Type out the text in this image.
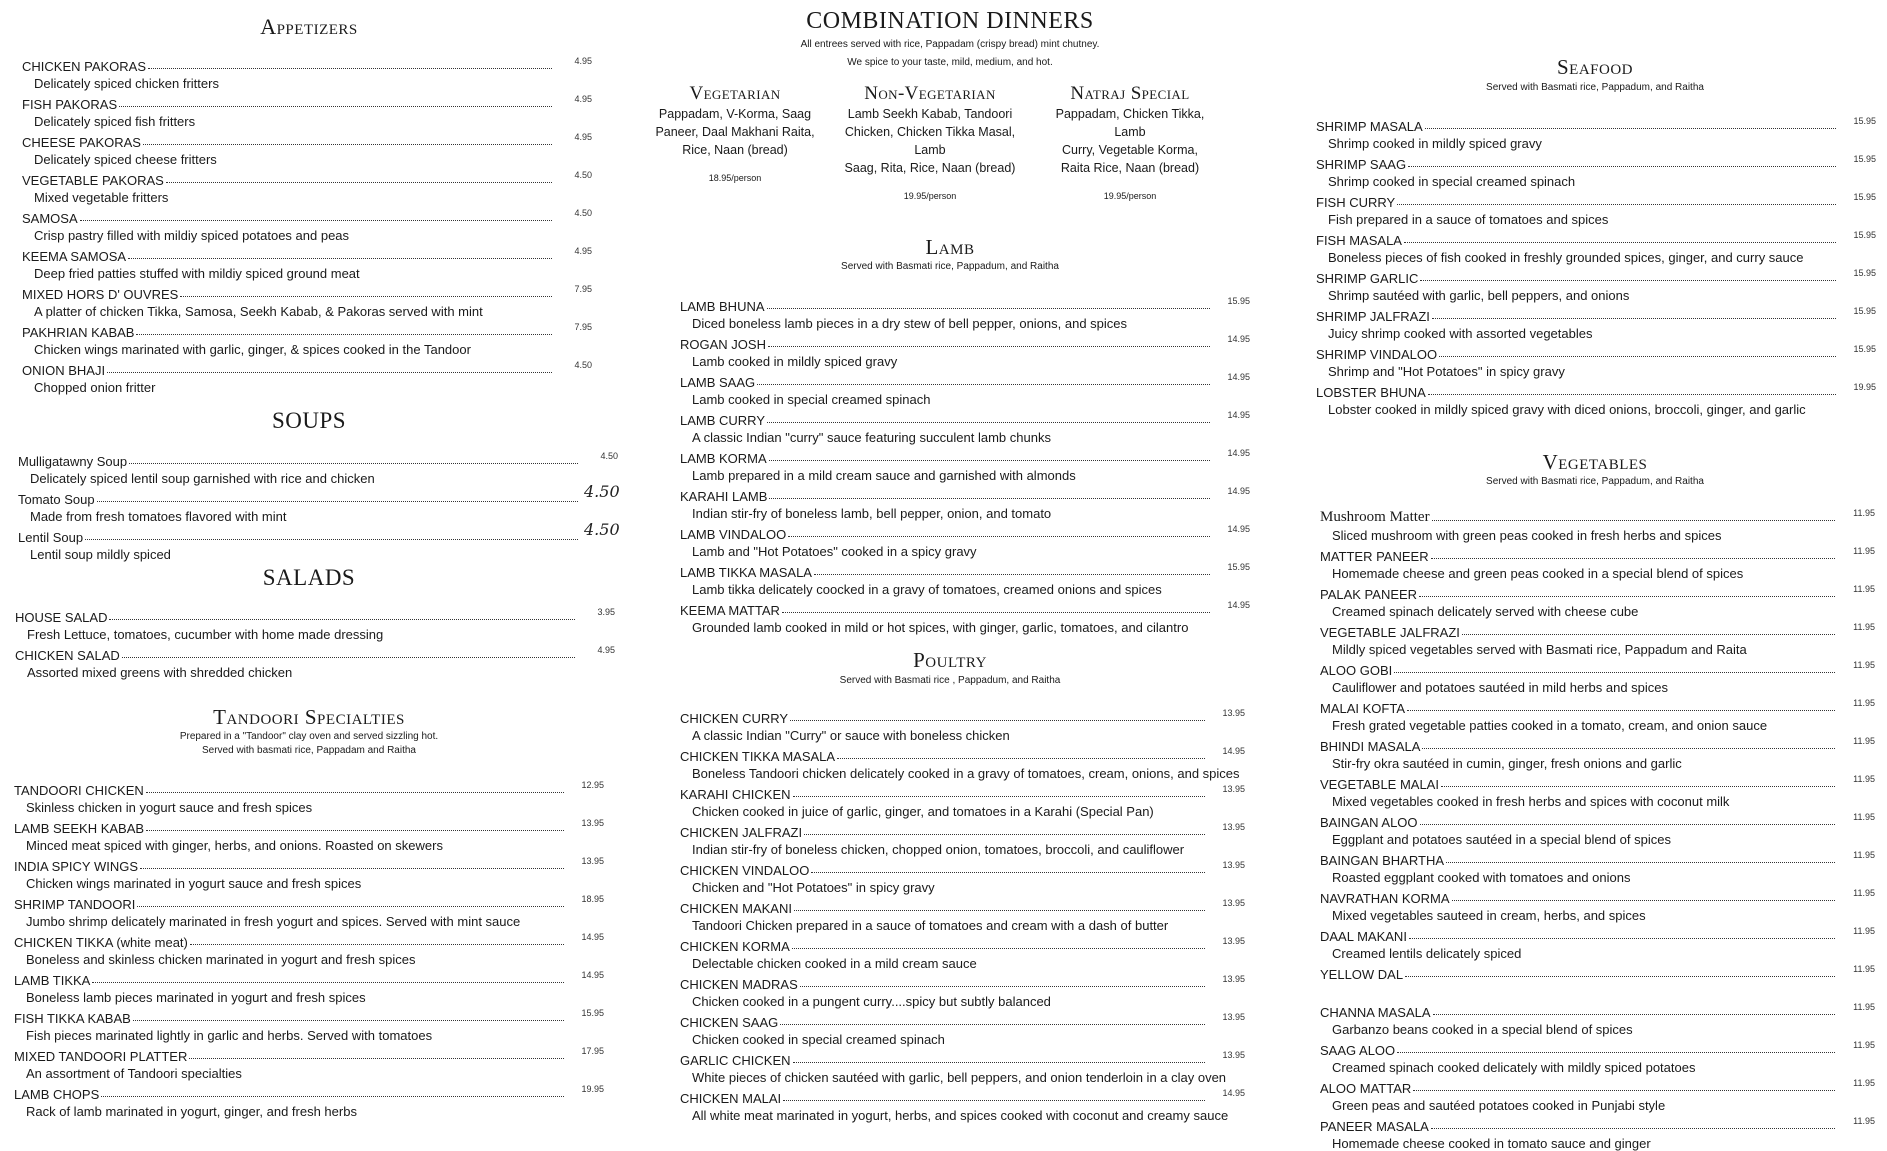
Appetizers
CHICKEN PAKORAS	4.95
Delicately spiced chicken fritters
FISH PAKORAS	4.95
Delicately spiced fish fritters
CHEESE PAKORAS	4.95
Delicately spiced cheese fritters
VEGETABLE PAKORAS	4.50
Mixed vegetable fritters
SAMOSA	4.50
Crisp pastry filled with mildiy spiced potatoes and peas
KEEMA SAMOSA	4.95
Deep fried patties stuffed with mildiy spiced ground meat
MIXED HORS D' OUVRES	7.95
A platter of chicken Tikka, Samosa, Seekh Kabab, & Pakoras served with mint
PAKHRIAN KABAB	7.95
Chicken wings marinated with garlic, ginger, & spices cooked in the Tandoor
ONION BHAJI	4.50
Chopped onion fritter
SOUPS
Mulligatawny Soup	4.50
Delicately spiced lentil soup garnished with rice and chicken
Tomato Soup	4.50
Made from fresh tomatoes flavored with mint
Lentil Soup	4.50
Lentil soup mildly spiced
SALADS
HOUSE SALAD	3.95
Fresh Lettuce, tomatoes, cucumber with home made dressing
CHICKEN SALAD	4.95
Assorted mixed greens with shredded chicken
Tandoori Specialties
Prepared in a "Tandoor" clay oven and served sizzling hot.
Served with basmati rice, Pappadam and Raitha
TANDOORI CHICKEN	12.95
Skinless chicken in yogurt sauce and fresh spices
LAMB SEEKH KABAB	13.95
Minced meat spiced with ginger, herbs, and onions. Roasted on skewers
INDIA SPICY WINGS	13.95
Chicken wings marinated in yogurt sauce and fresh spices
SHRIMP TANDOORI	18.95
Jumbo shrimp delicately marinated in fresh yogurt and spices. Served with mint sauce
CHICKEN TIKKA (white meat)	14.95
Boneless and skinless chicken marinated in yogurt and fresh spices
LAMB TIKKA	14.95
Boneless lamb pieces marinated in yogurt and fresh spices
FISH TIKKA KABAB	15.95
Fish pieces marinated lightly in garlic and herbs. Served with tomatoes
MIXED TANDOORI PLATTER	17.95
An assortment of Tandoori specialties
LAMB CHOPS	19.95
Rack of lamb marinated in yogurt, ginger, and fresh herbs
COMBINATION DINNERS
All entrees served with rice, Pappadam (crispy bread) mint chutney.
We spice to your taste, mild, medium, and hot.
Vegetarian
Pappadam, V-Korma, Saag
Paneer, Daal Makhani Raita,
Rice, Naan (bread)
18.95/person
Non-Vegetarian
Lamb Seekh Kabab, Tandoori
Chicken, Chicken Tikka Masal, Lamb
Saag, Rita, Rice, Naan (bread)
19.95/person
Natraj Special
Pappadam, Chicken Tikka, Lamb
Curry, Vegetable Korma,
Raita Rice, Naan (bread)
19.95/person
Lamb
Served with Basmati rice, Pappadum, and Raitha
LAMB BHUNA	15.95
Diced boneless lamb pieces in a dry stew of bell pepper, onions, and spices
ROGAN JOSH	14.95
Lamb cooked in mildly spiced gravy
LAMB SAAG	14.95
Lamb cooked in special creamed spinach
LAMB CURRY	14.95
A classic Indian "curry" sauce featuring succulent lamb chunks
LAMB KORMA	14.95
Lamb prepared in a mild cream sauce and garnished with almonds
KARAHI LAMB	14.95
Indian stir-fry of boneless lamb, bell pepper, onion, and tomato
LAMB VINDALOO	14.95
Lamb and "Hot Potatoes" cooked in a spicy gravy
LAMB TIKKA MASALA	15.95
Lamb tikka delicately coocked in a gravy of tomatoes, creamed onions and spices
KEEMA MATTAR	14.95
Grounded lamb cooked in mild or hot spices, with ginger, garlic, tomatoes, and cilantro
Poultry
Served with Basmati rice , Pappadum, and Raitha
CHICKEN CURRY	13.95
A classic Indian "Curry" or sauce with boneless chicken
CHICKEN TIKKA MASALA	14.95
Boneless Tandoori chicken delicately cooked in a gravy of tomatoes, cream, onions, and spices
KARAHI CHICKEN	13.95
Chicken cooked in juice of garlic, ginger, and tomatoes in a Karahi (Special Pan)
CHICKEN JALFRAZI	13.95
Indian stir-fry of boneless chicken, chopped onion, tomatoes, broccoli, and cauliflower
CHICKEN VINDALOO	13.95
Chicken and "Hot Potatoes" in spicy gravy
CHICKEN MAKANI	13.95
Tandoori Chicken prepared in a sauce of tomatoes and cream with a dash of butter
CHICKEN KORMA	13.95
Delectable chicken cooked in a mild cream sauce
CHICKEN MADRAS	13.95
Chicken cooked in a pungent curry....spicy but subtly balanced
CHICKEN SAAG	13.95
Chicken cooked in special creamed spinach
GARLIC CHICKEN	13.95
White pieces of chicken sautéed with garlic, bell peppers, and onion tenderloin in a clay oven
CHICKEN MALAI	14.95
All white meat marinated in yogurt, herbs, and spices cooked with coconut and creamy sauce
Seafood
Served with Basmati rice, Pappadum, and Raitha
SHRIMP MASALA	15.95
Shrimp cooked in mildly spiced gravy
SHRIMP SAAG	15.95
Shrimp cooked in special creamed spinach
FISH CURRY	15.95
Fish prepared in a sauce of tomatoes and spices
FISH MASALA	15.95
Boneless pieces of fish cooked in freshly grounded spices, ginger, and curry sauce
SHRIMP GARLIC	15.95
Shrimp sautéed with garlic, bell peppers, and onions
SHRIMP JALFRAZI	15.95
Juicy shrimp cooked with assorted vegetables
SHRIMP VINDALOO	15.95
Shrimp and "Hot Potatoes" in spicy gravy
LOBSTER BHUNA	19.95
Lobster cooked in mildly spiced gravy with diced onions, broccoli, ginger, and garlic
Vegetables
Served with Basmati rice, Pappadum, and Raitha
Mushroom Matter	11.95
Sliced mushroom with green peas cooked in fresh herbs and spices
MATTER PANEER	11.95
Homemade cheese and green peas cooked in a special blend of spices
PALAK PANEER	11.95
Creamed spinach delicately served with cheese cube
VEGETABLE JALFRAZI	11.95
Mildly spiced vegetables served with Basmati rice, Pappadum and Raita
ALOO GOBI	11.95
Cauliflower and potatoes sautéed in mild herbs and spices
MALAI KOFTA	11.95
Fresh grated vegetable patties cooked in a tomato, cream, and onion sauce
BHINDI MASALA	11.95
Stir-fry okra sautéed in cumin, ginger, fresh onions and garlic
VEGETABLE MALAI	11.95
Mixed vegetables cooked in fresh herbs and spices with coconut milk
BAINGAN ALOO	11.95
Eggplant and potatoes sautéed in a special blend of spices
BAINGAN BHARTHA	11.95
Roasted eggplant cooked with tomatoes and onions
NAVRATHAN KORMA	11.95
Mixed vegetables sauteed in cream, herbs, and spices
DAAL MAKANI	11.95
Creamed lentils delicately spiced
YELLOW DAL	11.95
CHANNA MASALA	11.95
Garbanzo beans cooked in a special blend of spices
SAAG ALOO	11.95
Creamed spinach cooked delicately with mildly spiced potatoes
ALOO MATTAR	11.95
Green peas and sautéed potatoes cooked in Punjabi style
PANEER MASALA	11.95
Homemade cheese cooked in tomato sauce and ginger
